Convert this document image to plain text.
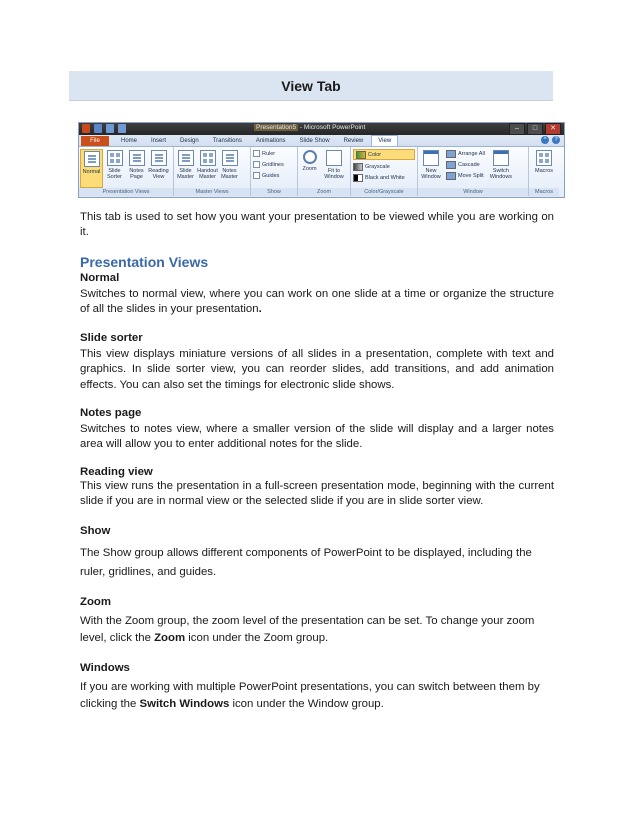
View Tab
Presentation5 - Microsoft PowerPoint	–	□	✕
File	Home	Insert	Design	Transitions	Animations	Slide Show	Review	View	^	?
Normal Slide
Sorter
Notes
Page
Reading
View
Presentation Views
Slide
Master
Handout
Master
Notes
Master
Master Views
Ruler
Gridlines
Guides
Show
Zoom Fit to
Window
Zoom
Color
Grayscale
Black and White
Color/Grayscale
New
Window
Arrange All
Cascade
Move Split
Switch
Windows
Window
Macros
Macros

This tab is used to set how you want your presentation to be viewed while you are working on it.

Presentation Views
Normal

Switches to normal view, where you can work on one slide at a time or organize the structure of all the slides in your presentation.

Slide sorter

This view displays miniature versions of all slides in a presentation, complete with text and graphics. In slide sorter view, you can reorder slides, add transitions, and add animation effects. You can also set the timings for electronic slide shows.

Notes page

Switches to notes view, where a smaller version of the slide will display and a larger notes area will allow you to enter additional notes for the slide.

Reading view

This view runs the presentation in a full-screen presentation mode, beginning with the current slide if you are in normal view or the selected slide if you are in slide sorter view.

Show

The Show group allows different components of PowerPoint to be displayed, including the ruler, gridlines, and guides.

Zoom

With the Zoom group, the zoom level of the presentation can be set. To change your zoom level, click the Zoom icon under the Zoom group.

Windows

If you are working with multiple PowerPoint presentations, you can switch between them by clicking the Switch Windows icon under the Window group.
